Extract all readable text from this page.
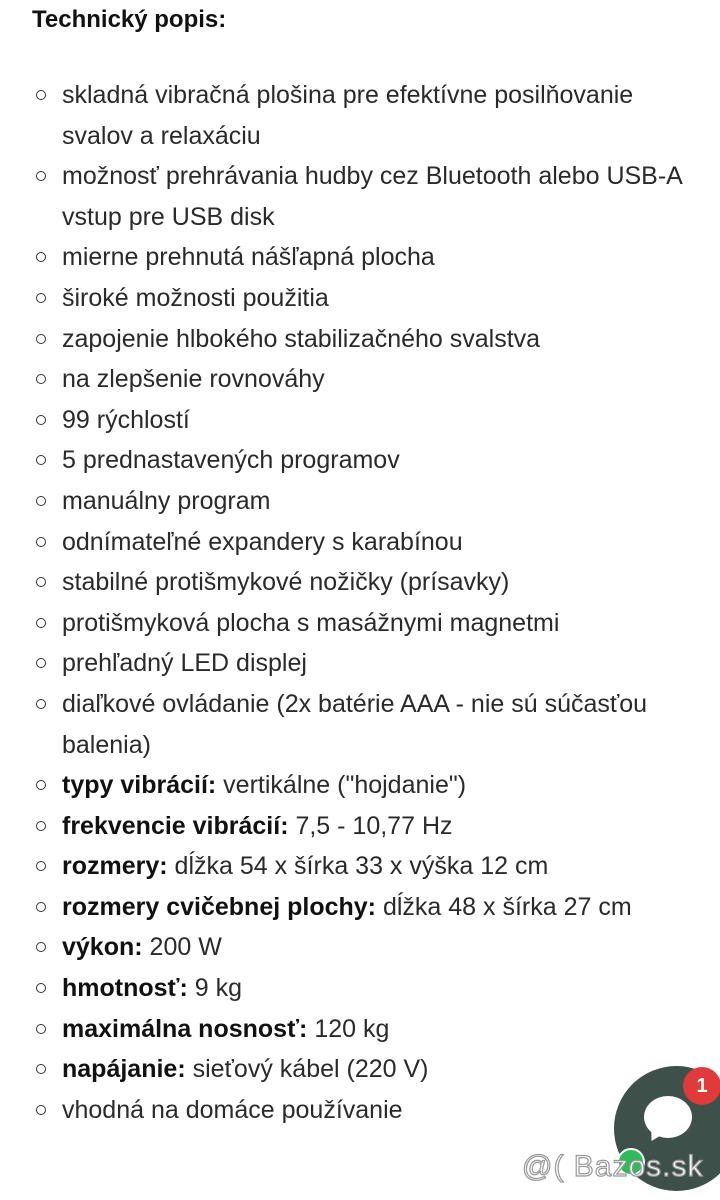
Technický popis:
skladná vibračná plošina pre efektívne posilňovanie svalov a relaxáciu
možnosť prehrávania hudby cez Bluetooth alebo USB-A vstup pre USB disk
mierne prehnutá nášľapná plocha
široké možnosti použitia
zapojenie hlbokého stabilizačného svalstva
na zlepšenie rovnováhy
99 rýchlostí
5 prednastavených programov
manuálny program
odnímateľné expandery s karabínou
stabilné protišmykové nožičky (prísavky)
protišmyková plocha s masážnymi magnetmi
prehľadný LED displej
diaľkové ovládanie (2x batérie AAA - nie sú súčasťou balenia)
typy vibrácií: vertikálne ("hojdanie")
frekvencie vibrácií: 7,5 - 10,77 Hz
rozmery: dĺžka 54 x šírka 33 x výška 12 cm
rozmery cvičebnej plochy: dĺžka 48 x šírka 27 cm
výkon: 200 W
hmotnosť: 9 kg
maximálna nosnosť: 120 kg
napájanie: sieťový kábel (220 V)
vhodná na domáce používanie
1
@( Bazos.sk
